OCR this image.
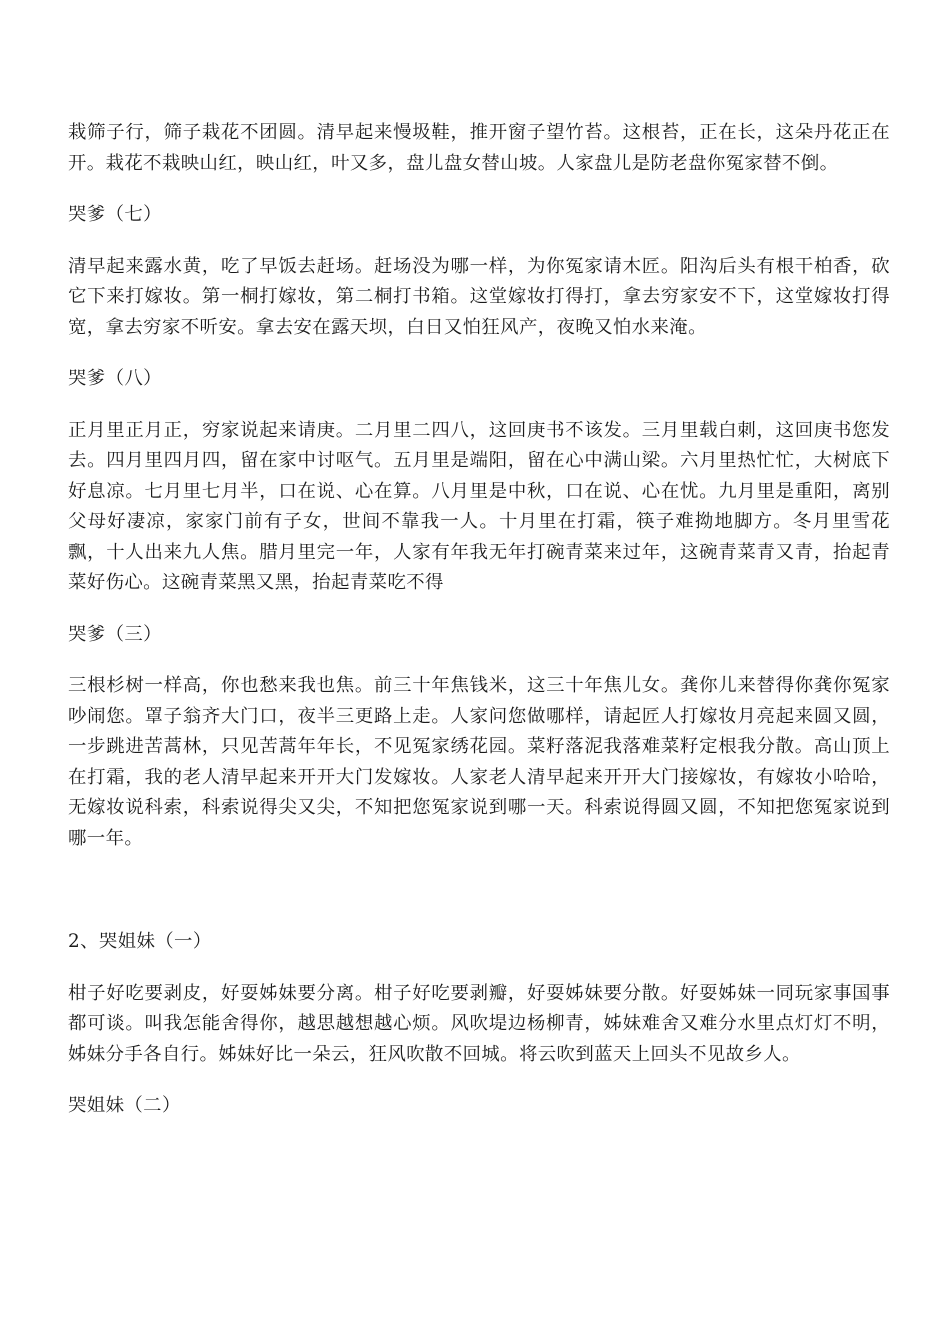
栽筛子行，筛子栽花不团圆。清早起来慢圾鞋，推开窗子望竹苔。这根苔，正在长，这朵丹花正在开。栽花不栽映山红，映山红，叶又多，盘儿盘女替山坡。人家盘儿是防老盘你冤家替不倒。

哭爹（七）

清早起来露水黄，吃了早饭去赶场。赶场没为哪一样，为你冤家请木匠。阳沟后头有根干柏香，砍它下来打嫁妆。第一桐打嫁妆，第二桐打书箱。这堂嫁妆打得打，拿去穷家安不下，这堂嫁妆打得宽，拿去穷家不听安。拿去安在露天坝，白日又怕狂风产，夜晚又怕水来淹。

哭爹（八）

正月里正月正，穷家说起来请庚。二月里二四八，这回庚书不该发。三月里载白刺，这回庚书您发去。四月里四月四，留在家中讨呕气。五月里是端阳，留在心中满山梁。六月里热忙忙，大树底下好息凉。七月里七月半，口在说、心在算。八月里是中秋，口在说、心在忧。九月里是重阳，离别父母好凄凉，家家门前有子女，世间不靠我一人。十月里在打霜，筷子难拗地脚方。冬月里雪花飘，十人出来九人焦。腊月里完一年，人家有年我无年打碗青菜来过年，这碗青菜青又青，抬起青菜好伤心。这碗青菜黑又黑，抬起青菜吃不得

哭爹（三）

三根杉树一样高，你也愁来我也焦。前三十年焦钱米，这三十年焦儿女。龚你儿来替得你龚你冤家吵闹您。罩子翁齐大门口，夜半三更路上走。人家问您做哪样，请起匠人打嫁妆月亮起来圆又圆，一步跳进苦蒿林，只见苦蒿年年长，不见冤家绣花园。菜籽落泥我落难菜籽定根我分散。高山顶上在打霜，我的老人清早起来开开大门发嫁妆。人家老人清早起来开开大门接嫁妆，有嫁妆小哈哈，无嫁妆说科索，科索说得尖又尖，不知把您冤家说到哪一天。科索说得圆又圆，不知把您冤家说到哪一年。

2、哭姐妹（一）

柑子好吃要剥皮，好耍姊妹要分离。柑子好吃要剥瓣，好耍姊妹要分散。好耍姊妹一同玩家事国事都可谈。叫我怎能舍得你，越思越想越心烦。风吹堤边杨柳青，姊妹难舍又难分水里点灯灯不明，姊妹分手各自行。姊妹好比一朵云，狂风吹散不回城。将云吹到蓝天上回头不见故乡人。

哭姐妹（二）
